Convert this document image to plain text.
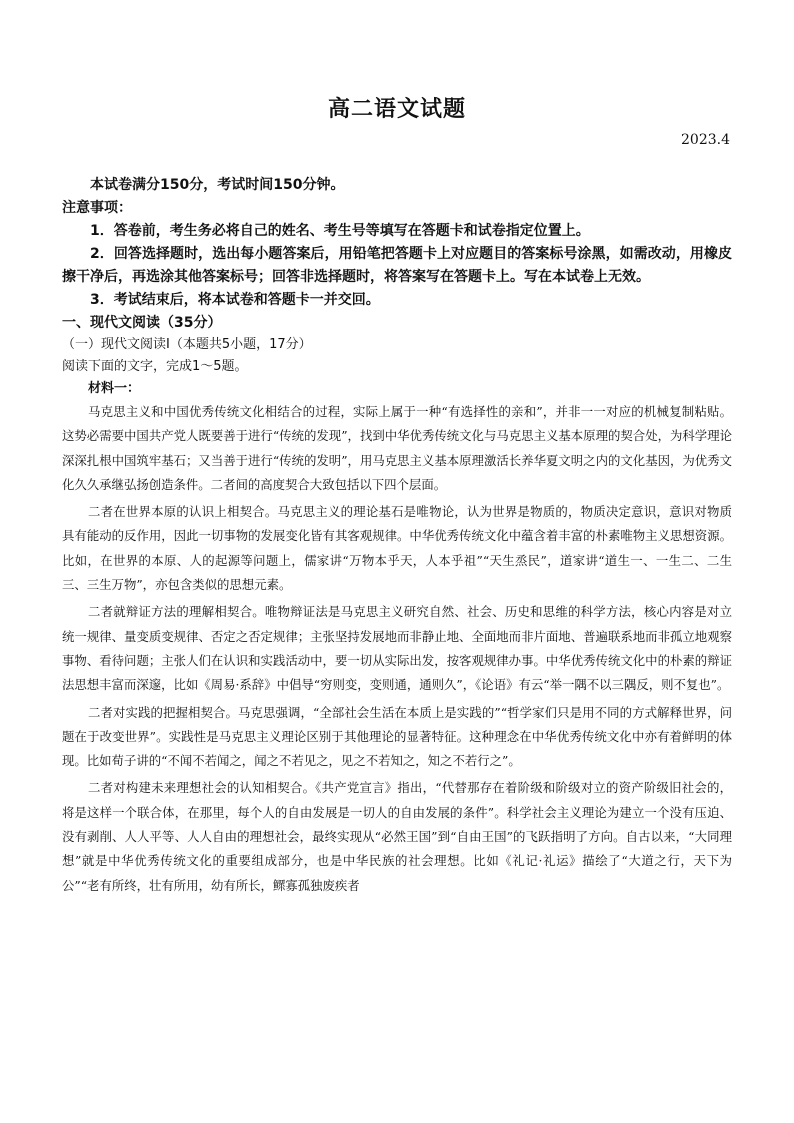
高二语文试题
2023.4

本试卷满分150分，考试时间150分钟。

注意事项：

1．答卷前，考生务必将自己的姓名、考生号等填写在答题卡和试卷指定位置上。

2．回答选择题时，选出每小题答案后，用铅笔把答题卡上对应题目的答案标号涂黑，如需改动，用橡皮擦干净后，再选涂其他答案标号；回答非选择题时，将答案写在答题卡上。写在本试卷上无效。

3．考试结束后，将本试卷和答题卡一并交回。

一、现代文阅读（35分）

（一）现代文阅读Ⅰ（本题共5小题，17分）

阅读下面的文字，完成1～5题。

材料一：

马克思主义和中国优秀传统文化相结合的过程，实际上属于一种“有选择性的亲和”，并非一一对应的机械复制粘贴。这势必需要中国共产党人既要善于进行“传统的发现”，找到中华优秀传统文化与马克思主义基本原理的契合处，为科学理论深深扎根中国筑牢基石；又当善于进行“传统的发明”，用马克思主义基本原理激活长养华夏文明之内的文化基因，为优秀文化久久承继弘扬创造条件。二者间的高度契合大致包括以下四个层面。

二者在世界本原的认识上相契合。马克思主义的理论基石是唯物论，认为世界是物质的，物质决定意识，意识对物质具有能动的反作用，因此一切事物的发展变化皆有其客观规律。中华优秀传统文化中蕴含着丰富的朴素唯物主义思想资源。比如，在世界的本原、人的起源等问题上，儒家讲“万物本乎天，人本乎祖”“天生烝民”，道家讲“道生一、一生二、二生三、三生万物”，亦包含类似的思想元素。

二者就辩证方法的理解相契合。唯物辩证法是马克思主义研究自然、社会、历史和思维的科学方法，核心内容是对立统一规律、量变质变规律、否定之否定规律；主张坚持发展地而非静止地、全面地而非片面地、普遍联系地而非孤立地观察事物、看待问题；主张人们在认识和实践活动中，要一切从实际出发，按客观规律办事。中华优秀传统文化中的朴素的辩证法思想丰富而深邃，比如《周易·系辞》中倡导“穷则变，变则通，通则久”，《论语》有云“举一隅不以三隅反，则不复也”。

二者对实践的把握相契合。马克思强调，“全部社会生活在本质上是实践的”“哲学家们只是用不同的方式解释世界，问题在于改变世界”。实践性是马克思主义理论区别于其他理论的显著特征。这种理念在中华优秀传统文化中亦有着鲜明的体现。比如荀子讲的“不闻不若闻之，闻之不若见之，见之不若知之，知之不若行之”。

二者对构建未来理想社会的认知相契合。《共产党宣言》指出，“代替那存在着阶级和阶级对立的资产阶级旧社会的，将是这样一个联合体，在那里，每个人的自由发展是一切人的自由发展的条件”。科学社会主义理论为建立一个没有压迫、没有剥削、人人平等、人人自由的理想社会，最终实现从“必然王国”到“自由王国”的飞跃指明了方向。自古以来，“大同理想”就是中华优秀传统文化的重要组成部分，也是中华民族的社会理想。比如《礼记·礼运》描绘了“大道之行，天下为公”“老有所终，壮有所用，幼有所长，鳏寡孤独废疾者
